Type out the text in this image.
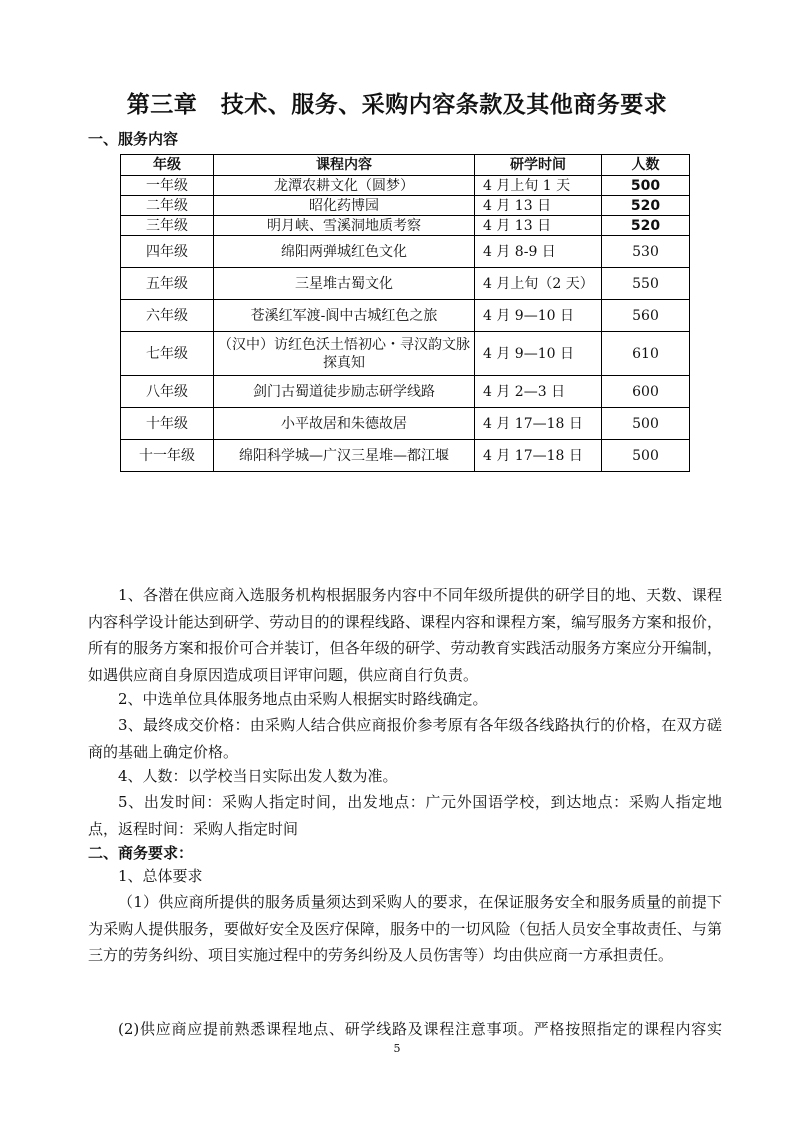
第三章　技术、服务、采购内容条款及其他商务要求
一、服务内容
年级	课程内容	研学时间	人数
一年级	龙潭农耕文化（圆梦）	4 月上旬 1 天	500
二年级	昭化药博园	4 月 13 日	520
三年级	明月峡、雪溪洞地质考察	4 月 13 日	520
四年级	绵阳两弹城红色文化	4 月 8-9 日	530
五年级	三星堆古蜀文化	4 月上旬（2 天）	550
六年级	苍溪红军渡-阆中古城红色之旅	4 月 9—10 日	560
七年级	（汉中）访红色沃土悟初心・寻汉韵文脉探真知	4 月 9—10 日	610
八年级	剑门古蜀道徒步励志研学线路	4 月 2—3 日	600
十年级	小平故居和朱德故居	4 月 17—18 日	500
十一年级	绵阳科学城—广汉三星堆—都江堰	4 月 17—18 日	500
1、各潜在供应商入选服务机构根据服务内容中不同年级所提供的研学目的地、天数、课程内容科学设计能达到研学、劳动目的的课程线路、课程内容和课程方案，编写服务方案和报价，所有的服务方案和报价可合并装订，但各年级的研学、劳动教育实践活动服务方案应分开编制，如遇供应商自身原因造成项目评审问题，供应商自行负责。
2、中选单位具体服务地点由采购人根据实时路线确定。
3、最终成交价格：由采购人结合供应商报价参考原有各年级各线路执行的价格，在双方磋商的基础上确定价格。
4、人数：以学校当日实际出发人数为准。
5、出发时间：采购人指定时间，出发地点：广元外国语学校，到达地点：采购人指定地点，返程时间：采购人指定时间
二、商务要求：
1、总体要求
（1）供应商所提供的服务质量须达到采购人的要求，在保证服务安全和服务质量的前提下为采购人提供服务，要做好安全及医疗保障，服务中的一切风险（包括人员安全事故责任、与第三方的劳务纠纷、项目实施过程中的劳务纠纷及人员伤害等）均由供应商一方承担责任。
(2)供应商应提前熟悉课程地点、研学线路及课程注意事项。严格按照指定的课程内容实
5
